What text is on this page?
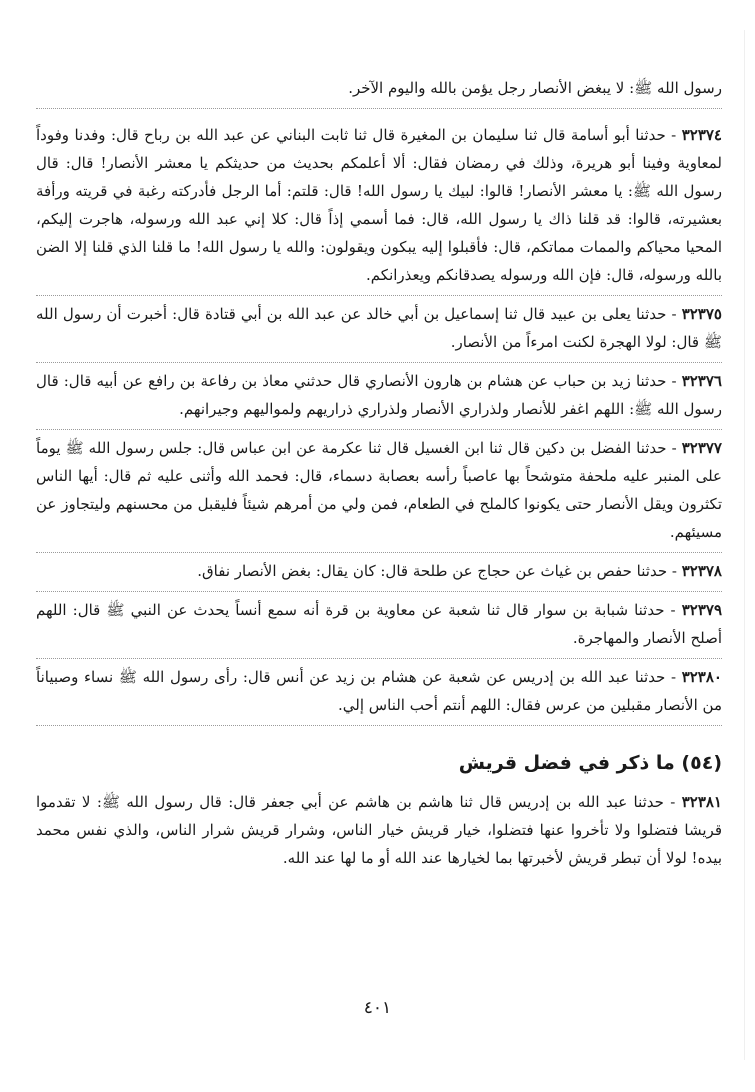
رسول الله ﷺ: لا يبغض الأنصار رجل يؤمن بالله واليوم الآخر.

٣٢٣٧٤ - حدثنا أبو أسامة قال ثنا سليمان بن المغيرة قال ثنا ثابت البناني عن عبد الله بن رباح قال: وفدنا وفوداً لمعاوية وفينا أبو هريرة، وذلك في رمضان فقال: ألا أعلمكم بحديث من حديثكم يا معشر الأنصار! قال: قال رسول الله ﷺ: يا معشر الأنصار! قالوا: لبيك يا رسول الله! قال: قلتم: أما الرجل فأدركته رغبة في قريته ورأفة بعشيرته، قالوا: قد قلنا ذاك يا رسول الله، قال: فما أسمي إذاً قال: كلا إني عبد الله ورسوله، هاجرت إليكم، المحيا محياكم والممات مماتكم، قال: فأقبلوا إليه يبكون ويقولون: والله يا رسول الله! ما قلنا الذي قلنا إلا الضن بالله ورسوله، قال: فإن الله ورسوله يصدقانكم ويعذرانكم.

٣٢٣٧٥ - حدثنا يعلى بن عبيد قال ثنا إسماعيل بن أبي خالد عن عبد الله بن أبي قتادة قال: أخبرت أن رسول الله ﷺ قال: لولا الهجرة لكنت امرءاً من الأنصار.

٣٢٣٧٦ - حدثنا زيد بن حباب عن هشام بن هارون الأنصاري قال حدثني معاذ بن رفاعة بن رافع عن أبيه قال: قال رسول الله ﷺ: اللهم اغفر للأنصار ولذراري الأنصار ولذراري ذراريهم ولمواليهم وجيرانهم.

٣٢٣٧٧ - حدثنا الفضل بن دكين قال ثنا ابن الغسيل قال ثنا عكرمة عن ابن عباس قال: جلس رسول الله ﷺ يوماً على المنبر عليه ملحفة متوشحاً بها عاصباً رأسه بعصابة دسماء، قال: فحمد الله وأثنى عليه ثم قال: أيها الناس تكثرون ويقل الأنصار حتى يكونوا كالملح في الطعام، فمن ولي من أمرهم شيئاً فليقبل من محسنهم وليتجاوز عن مسيئهم.

٣٢٣٧٨ - حدثنا حفص بن غياث عن حجاج عن طلحة قال: كان يقال: بغض الأنصار نفاق.

٣٢٣٧٩ - حدثنا شبابة بن سوار قال ثنا شعبة عن معاوية بن قرة أنه سمع أنساً يحدث عن النبي ﷺ قال: اللهم أصلح الأنصار والمهاجرة.

٣٢٣٨٠ - حدثنا عبد الله بن إدريس عن شعبة عن هشام بن زيد عن أنس قال: رأى رسول الله ﷺ نساء وصبياناً من الأنصار مقبلين من عرس فقال: اللهم أنتم أحب الناس إلي.

(٥٤) ما ذكر في فضل قريش

٣٢٣٨١ - حدثنا عبد الله بن إدريس قال ثنا هاشم بن هاشم عن أبي جعفر قال: قال رسول الله ﷺ: لا تقدموا قريشا فتضلوا ولا تأخروا عنها فتضلوا، خيار قريش خيار الناس، وشرار قريش شرار الناس، والذي نفس محمد بيده! لولا أن تبطر قريش لأخبرتها بما لخيارها عند الله أو ما لها عند الله.

٤٠١
